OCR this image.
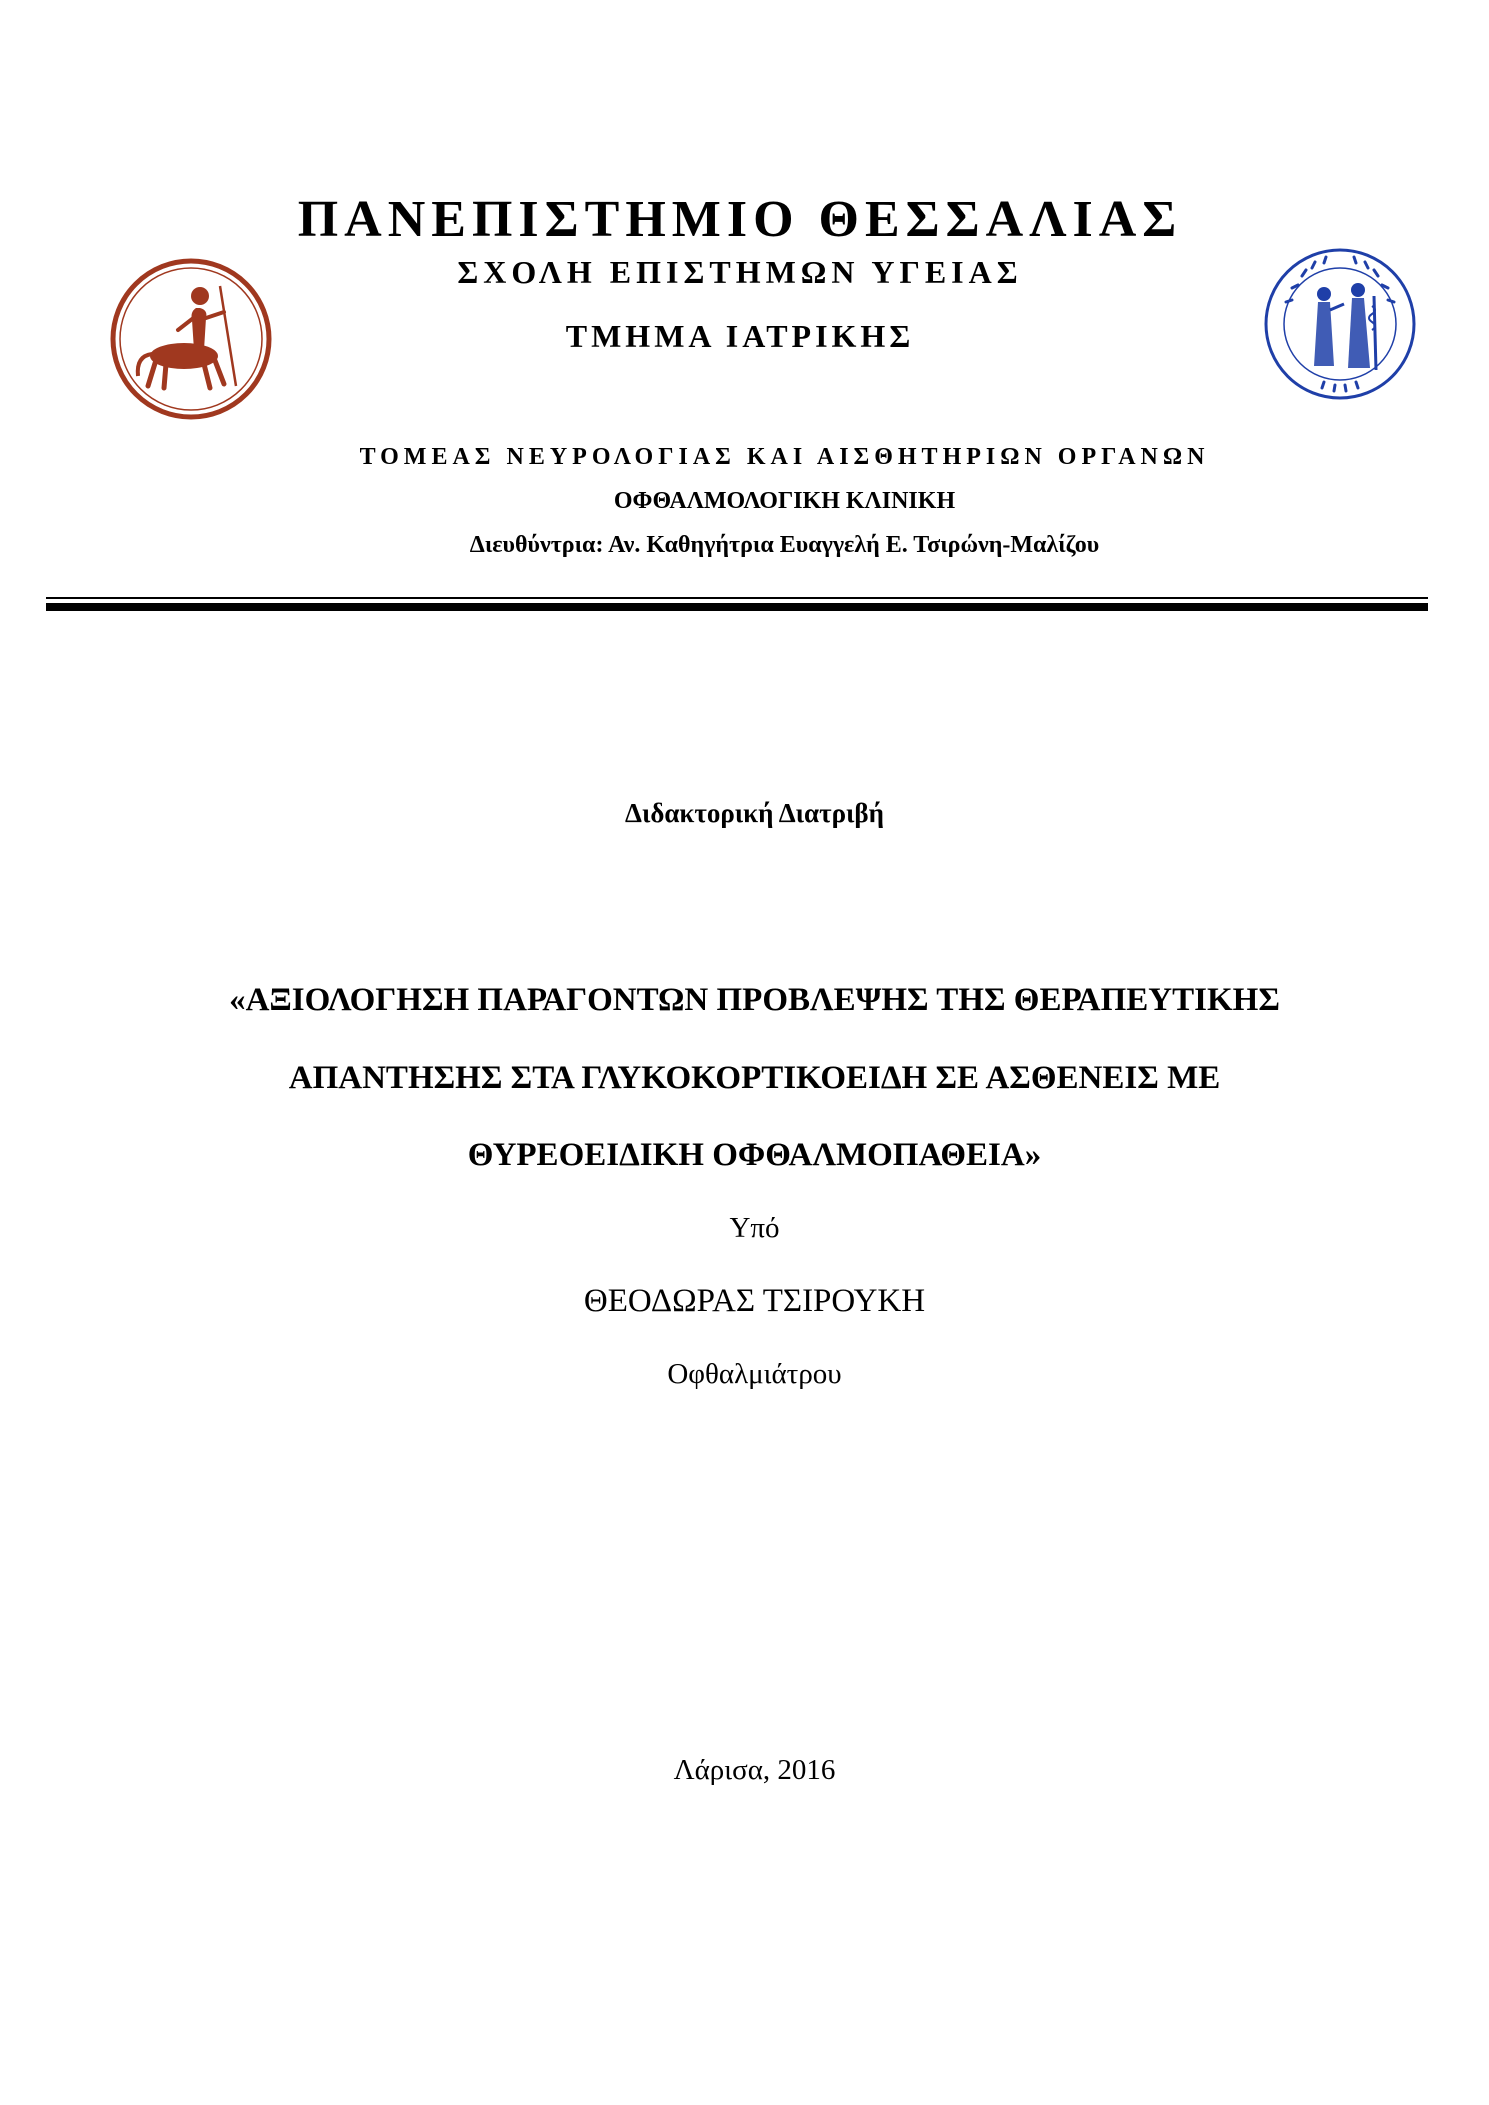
ΠΑΝΕΠΙΣΤΗΜΙΟ ΘΕΣΣΑΛΙΑΣ
ΣΧΟΛΗ ΕΠΙΣΤΗΜΩΝ ΥΓΕΙΑΣ
ΤΜΗΜΑ ΙΑΤΡΙΚΗΣ
ΤΟΜΕΑΣ ΝΕΥΡΟΛΟΓΙΑΣ ΚΑΙ ΑΙΣΘΗΤΗΡΙΩΝ ΟΡΓΑΝΩΝ
ΟΦΘΑΛΜΟΛΟΓΙΚΗ ΚΛΙΝΙΚΗ
Διευθύντρια: Αν. Καθηγήτρια Ευαγγελή Ε. Τσιρώνη-Μαλίζου
Διδακτορική Διατριβή
«ΑΞΙΟΛΟΓΗΣΗ ΠΑΡΑΓΟΝΤΩΝ ΠΡΟΒΛΕΨΗΣ ΤΗΣ ΘΕΡΑΠΕΥΤΙΚΗΣ
ΑΠΑΝΤΗΣΗΣ ΣΤΑ ΓΛΥΚΟΚΟΡΤΙΚΟΕΙΔΗ ΣΕ ΑΣΘΕΝΕΙΣ ΜΕ
ΘΥΡΕΟΕΙΔΙΚΗ ΟΦΘΑΛΜΟΠΑΘΕΙΑ»
Υπό
ΘΕΟΔΩΡΑΣ ΤΣΙΡΟΥΚΗ
Οφθαλμιάτρου
Λάρισα, 2016
